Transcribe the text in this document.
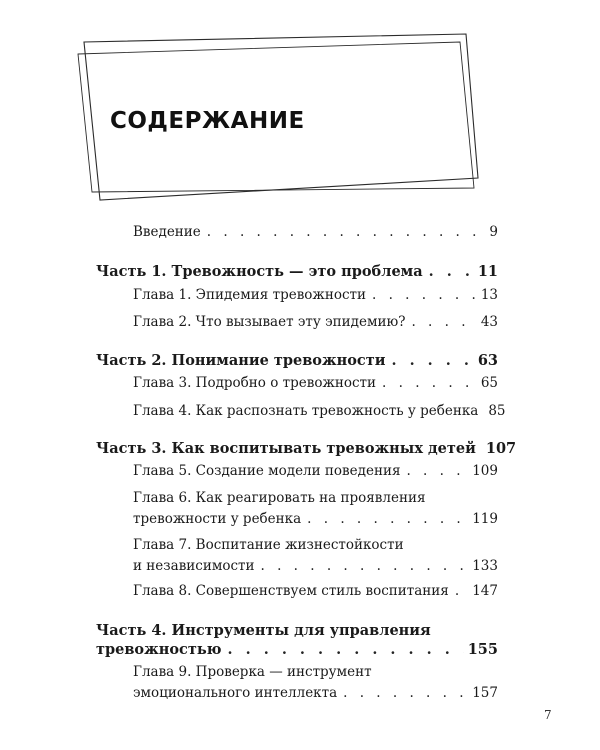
СОДЕРЖАНИЕ
Введение . . .	9
Часть 1. Тревожность — это проблема . . .	11
Глава 1. Эпидемия тревожности . . .	13
Глава 2. Что вызывает эту эпидемию? . . .	43
Часть 2. Понимание тревожности . . .	63
Глава 3. Подробно о тревожности . . .	65
Глава 4. Как распознать тревожность у ребенка 85
Часть 3. Как воспитывать тревожных детей 107
Глава 5. Создание модели поведения . . .	109
Глава 6. Как реагировать на проявления
тревожности у ребенка . . .	119
Глава 7. Воспитание жизнестойкости
и независимости . . .	133
Глава 8. Совершенствуем стиль воспитания . . . 147
Часть 4. Инструменты для управления
тревожностью . . .	155
Глава 9. Проверка — инструмент
эмоционального интеллекта . . .	157
7
